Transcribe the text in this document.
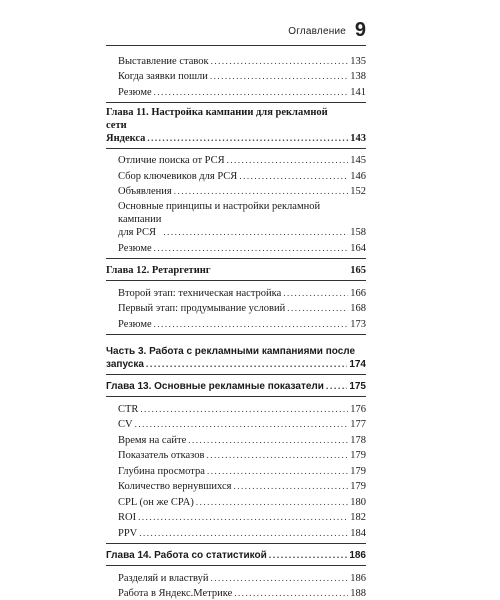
Оглавление 9
Выставление ставок .....	135
Когда заявки пошли .....	138
Резюме .....	141
Глава 11. Настройка кампании для рекламной
сети Яндекса .....	143
Отличие поиска от РСЯ .....	145
Сбор ключевиков для РСЯ .....	146
Объявления .....	152
Основные принципы и настройки рекламной
кампании для РСЯ .....	158
Резюме .....	164
Глава 12. Ретаргетинг	165
Второй этап: техническая настройка .....	166
Первый этап: продумывание условий .....	168
Резюме .....	173
Часть 3. Работа с рекламными кампаниями после
запуска .....	174
Глава 13. Основные рекламные показатели .....	175
CTR .....	176
CV .....	177
Время на сайте .....	178
Показатель отказов .....	179
Глубина просмотра .....	179
Количество вернувшихся .....	179
CPL (он же CPA) .....	180
ROI .....	182
PPV .....	184
Глава 14. Работа со статистикой .....	186
Разделяй и властвуй .....	186
Работа в Яндекс.Метрике .....	188
